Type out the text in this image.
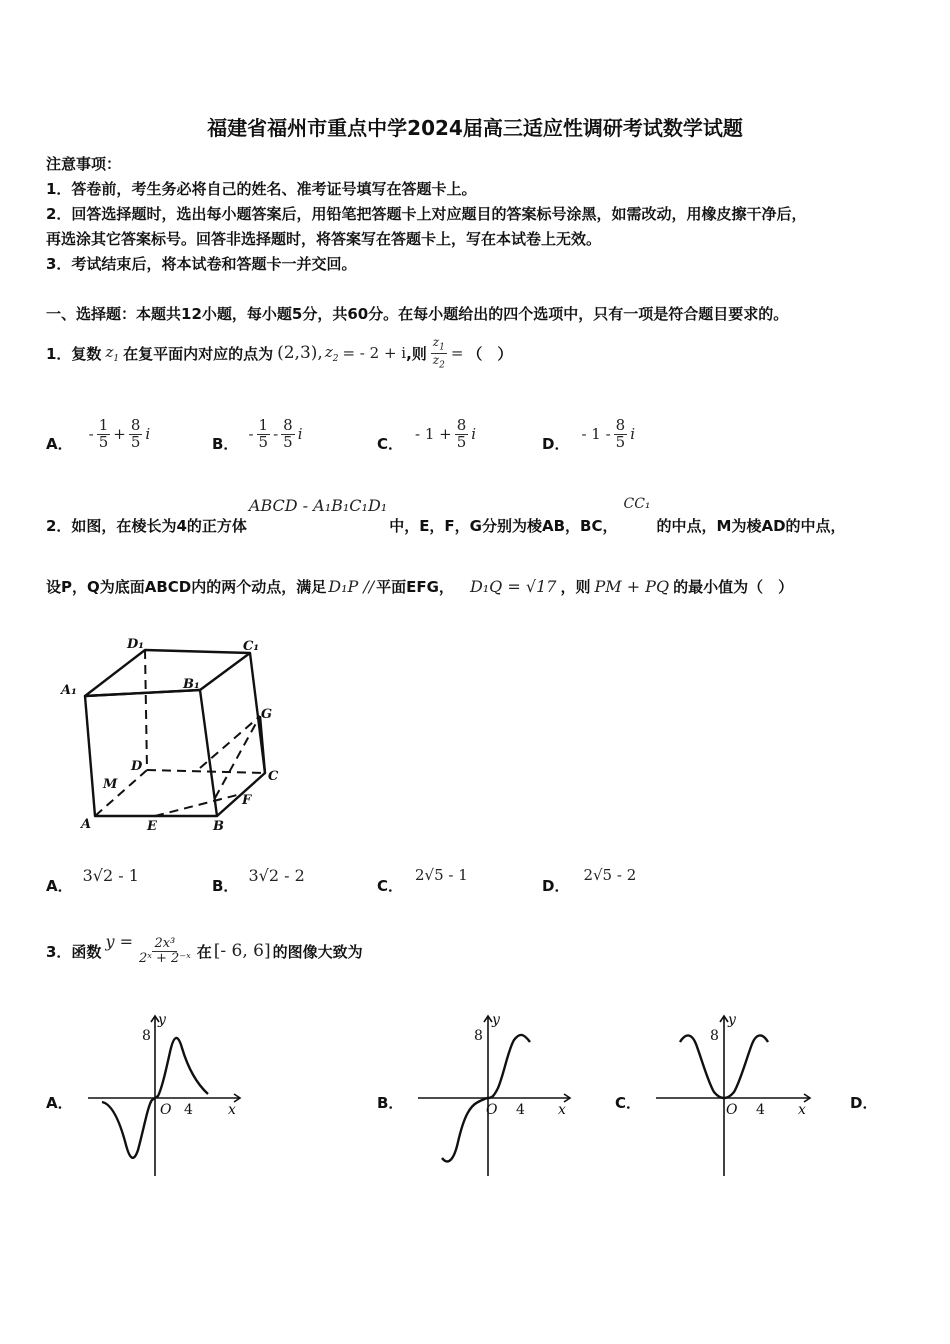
福建省福州市重点中学2024届高三适应性调研考试数学试题
注意事项：
1．答卷前，考生务必将自己的姓名、准考证号填写在答题卡上。
2．回答选择题时，选出每小题答案后，用铅笔把答题卡上对应题目的答案标号涂黑，如需改动，用橡皮擦干净后，
再选涂其它答案标号。回答非选择题时，将答案写在答题卡上，写在本试卷上无效。
3．考试结束后，将本试卷和答题卡一并交回。
一、选择题：本题共12小题，每小题5分，共60分。在每小题给出的四个选项中，只有一项是符合题目要求的。
1．复数 $z_1$ 在复平面内对应的点为 (2,3), $z_2$ = - 2 + i ,则 $\frac{z_1}{z_2}$ = （　）
A．
- $\frac{1}{5} + \frac{8}{5}$ i
B．
- $\frac{1}{5} - \frac{8}{5}$ i
C．
- $1 + \frac{8}{5}$ i
D．
- $1 - \frac{8}{5}$ i
2．如图，在棱长为4的正方体
ABCD - A₁B₁C₁D₁
中，E，F，G分别为棱AB，BC，
CC₁
的中点，M为棱AD的中点，
设P，Q为底面ABCD内的两个动点，满足 D₁P // 平面EFG， D₁Q = √17 ，则 PM + PQ 的最小值为（　）
D₁	C₁
A₁	B₁
G
D
C
M
F
A	E	B
A．
3√2 - 1
B．
3√2 - 2
C．
2√5 - 1
D．
2√5 - 2
3．函数
$y = \frac{\text{2x³}}{\text{2ˣ + 2⁻ˣ}}$ 在 [- 6, 6] 的图像大致为
A．
y
8
O 4	x	B．
y
8
O 4 x	C．
y
8
O 4 x	D．
